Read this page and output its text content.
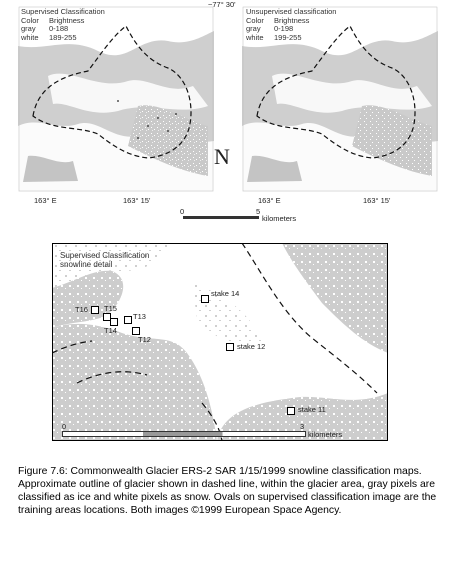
Supervised Classification
Color Brightness
gray 0-188
white 189-255
Unsupervised classification
Color Brightness
gray 0-198
white 199-255
~77° 30'
N
163° E	163° 15'	163° E	163° 15'
0	5
kilometers
Supervised Classification
snowline detail
T16 T15
T14
T13
T12
stake 14
stake 12
stake 11
0	3
kilometers
Figure 7.6: Commonwealth Glacier ERS-2 SAR 1/15/1999 snowline classification maps. Approximate outline of glacier shown in dashed line, within the glacier area, gray pixels are classified as ice and white pixels as snow. Ovals on supervised classification image are the training areas locations. Both images ©1999 European Space Agency.
